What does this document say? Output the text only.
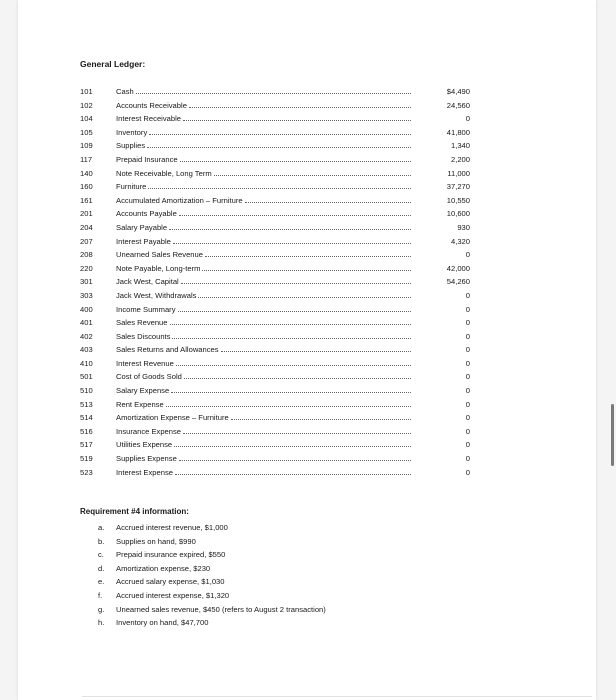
General Ledger:
101	Cash	$4,490
102	Accounts Receivable	24,560
104	Interest Receivable	0
105	Inventory	41,800
109	Supplies	1,340
117	Prepaid Insurance	2,200
140	Note Receivable, Long Term	11,000
160	Furniture	37,270
161	Accumulated Amortization – Furniture	10,550
201	Accounts Payable	10,600
204	Salary Payable	930
207	Interest Payable	4,320
208	Unearned Sales Revenue	0
220	Note Payable, Long-term	42,000
301	Jack West, Capital	54,260
303	Jack West, Withdrawals	0
400	Income Summary	0
401	Sales Revenue	0
402	Sales Discounts	0
403	Sales Returns and Allowances	0
410	Interest Revenue	0
501	Cost of Goods Sold	0
510	Salary Expense	0
513	Rent Expense	0
514	Amortization Expense – Furniture	0
516	Insurance Expense	0
517	Utilities Expense	0
519	Supplies Expense	0
523	Interest Expense	0
Requirement #4 information:
a. Accrued interest revenue, $1,000
b. Supplies on hand, $990
c. Prepaid insurance expired, $550
d. Amortization expense, $230
e. Accrued salary expense, $1,030
f. Accrued interest expense, $1,320
g. Unearned sales revenue, $450 (refers to August 2 transaction)
h. Inventory on hand, $47,700
